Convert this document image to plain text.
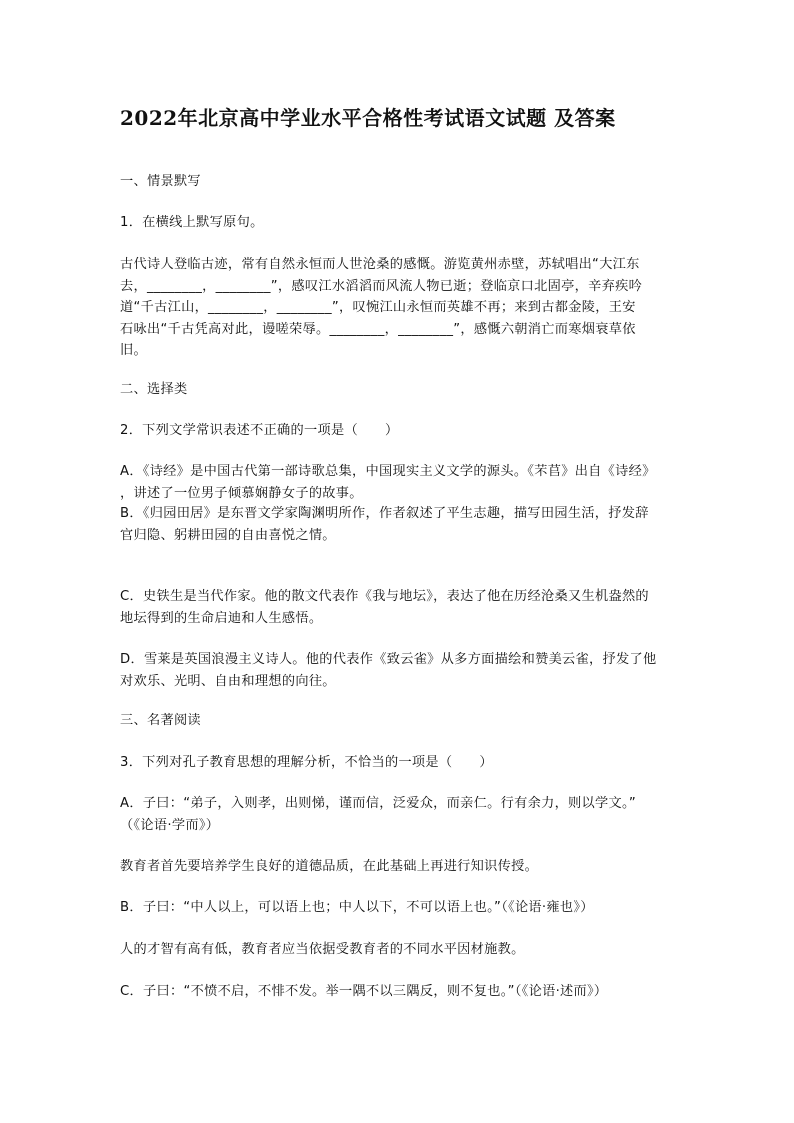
2022年北京高中学业水平合格性考试语文试题 及答案
一、情景默写
1．在横线上默写原句。
古代诗人登临古迹，常有自然永恒而人世沧桑的感慨。游览黄州赤壁，苏轼唱出“大江东
去，________，________”，感叹江水滔滔而风流人物已逝；登临京口北固亭，辛弃疾吟
道“千古江山，________，________”，叹惋江山永恒而英雄不再；来到古都金陵，王安
石咏出“千古凭高对此，谩嗟荣辱。________，________”，感慨六朝消亡而寒烟衰草依
旧。
二、选择类
2．下列文学常识表述不正确的一项是（　　）
A．《诗经》是中国古代第一部诗歌总集，中国现实主义文学的源头。《芣苢》出自《诗经》
，讲述了一位男子倾慕娴静女子的故事。
B．《归园田居》是东晋文学家陶渊明所作，作者叙述了平生志趣，描写田园生活，抒发辞
官归隐、躬耕田园的自由喜悦之情。
C．史铁生是当代作家。他的散文代表作《我与地坛》，表达了他在历经沧桑又生机盎然的
地坛得到的生命启迪和人生感悟。
D．雪莱是英国浪漫主义诗人。他的代表作《致云雀》从多方面描绘和赞美云雀，抒发了他
对欢乐、光明、自由和理想的向往。
三、名著阅读
3．下列对孔子教育思想的理解分析，不恰当的一项是（　　）
A．子曰：“弟子，入则孝，出则悌，谨而信，泛爱众，而亲仁。行有余力，则以学文。”
（《论语·学而》）
教育者首先要培养学生良好的道德品质，在此基础上再进行知识传授。
B．子曰：“中人以上，可以语上也；中人以下，不可以语上也。”（《论语·雍也》）
人的才智有高有低，教育者应当依据受教育者的不同水平因材施教。
C．子曰：“不愤不启，不悱不发。举一隅不以三隅反，则不复也。”（《论语·述而》）
